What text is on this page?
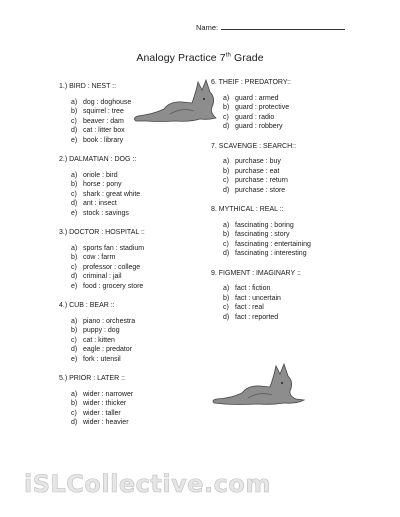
Name:
Analogy Practice 7th Grade
1.) BIRD : NEST ::
a) dog : doghouse
b) squirrel : tree
c) beaver : dam
d) cat : litter box
e) book : library
2.) DALMATIAN : DOG ::
a) oriole : bird
b) horse : pony
c) shark : great white
d) ant : insect
e) stock : savings
3.) DOCTOR : HOSPITAL ::
a) sports fan : stadium
b) cow : farm
c) professor : college
d) criminal : jail
e) food : grocery store
4.) CUB : BEAR ::
a) piano : orchestra
b) puppy : dog
c) cat : kitten
d) eagle : predator
e) fork : utensil
5.) PRIOR : LATER ::
a) wider : narrower
b) wider : thicker
c) wider : taller
d) wider : heavier
6. THEIF : PREDATORY::
a) guard : armed
b) guard : protective
c) guard : radio
d) guard : robbery
7. SCAVENGE : SEARCH::
a) purchase : buy
b) purchase : eat
c) purchase : return
d) purchase : store
8. MYTHICAL : REAL ::
a) fascinating : boring
b) fascinating : story
c) fascinating : entertaining
d) fascinating : interesting
9. FIGMENT : IMAGINARY ::
a) fact : fiction
b) fact : uncertain
c) fact : real
d) fact : reported
iSLCollective.com
